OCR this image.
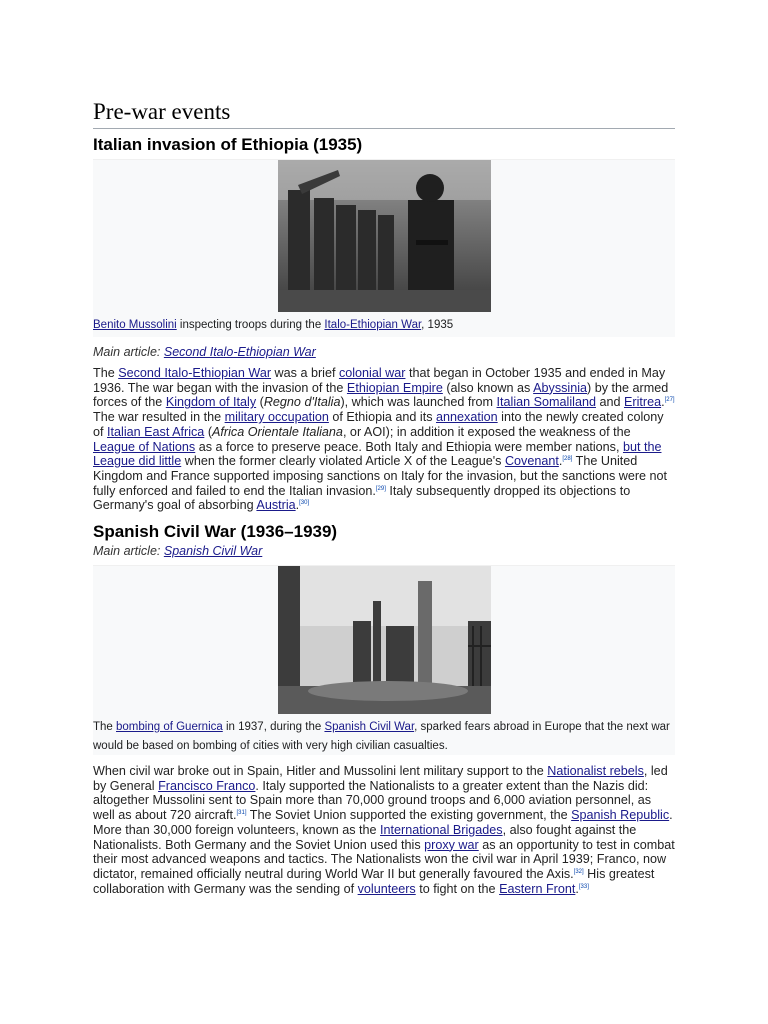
Pre-war events
Italian invasion of Ethiopia (1935)
Benito Mussolini inspecting troops during the Italo-Ethiopian War, 1935
Main article: Second Italo-Ethiopian War

The Second Italo-Ethiopian War was a brief colonial war that began in October 1935 and ended in May 1936. The war began with the invasion of the Ethiopian Empire (also known as Abyssinia) by the armed forces of the Kingdom of Italy (Regno d'Italia), which was launched from Italian Somaliland and Eritrea.[27] The war resulted in the military occupation of Ethiopia and its annexation into the newly created colony of Italian East Africa (Africa Orientale Italiana, or AOI); in addition it exposed the weakness of the League of Nations as a force to preserve peace. Both Italy and Ethiopia were member nations, but the League did little when the former clearly violated Article X of the League's Covenant.[28] The United Kingdom and France supported imposing sanctions on Italy for the invasion, but the sanctions were not fully enforced and failed to end the Italian invasion.[29] Italy subsequently dropped its objections to Germany's goal of absorbing Austria.[30]

Spanish Civil War (1936–1939)
Main article: Spanish Civil War
The bombing of Guernica in 1937, during the Spanish Civil War, sparked fears abroad in Europe that the next war would be based on bombing of cities with very high civilian casualties.

When civil war broke out in Spain, Hitler and Mussolini lent military support to the Nationalist rebels, led by General Francisco Franco. Italy supported the Nationalists to a greater extent than the Nazis did: altogether Mussolini sent to Spain more than 70,000 ground troops and 6,000 aviation personnel, as well as about 720 aircraft.[31] The Soviet Union supported the existing government, the Spanish Republic. More than 30,000 foreign volunteers, known as the International Brigades, also fought against the Nationalists. Both Germany and the Soviet Union used this proxy war as an opportunity to test in combat their most advanced weapons and tactics. The Nationalists won the civil war in April 1939; Franco, now dictator, remained officially neutral during World War II but generally favoured the Axis.[32] His greatest collaboration with Germany was the sending of volunteers to fight on the Eastern Front.[33]
